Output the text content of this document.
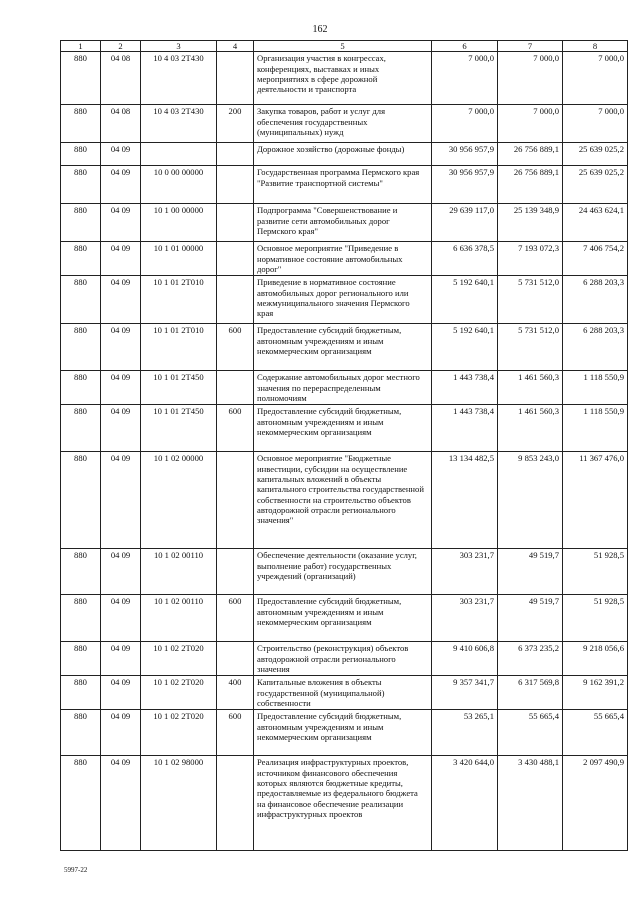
162
1	2	3	4	5	6	7	8
880	04 08	10 4 03 2Т430		Организация участия в конгрессах, конференциях, выставках и иных мероприятиях в сфере дорожной деятельности и транспорта	7 000,0	7 000,0	7 000,0
880	04 08	10 4 03 2Т430	200	Закупка товаров, работ и услуг для обеспечения государственных (муниципальных) нужд	7 000,0	7 000,0	7 000,0
880	04 09			Дорожное хозяйство (дорожные фонды)	30 956 957,9	26 756 889,1	25 639 025,2
880	04 09	10 0 00 00000		Государственная программа Пермского края "Развитие транспортной системы"	30 956 957,9	26 756 889,1	25 639 025,2
880	04 09	10 1 00 00000		Подпрограмма "Совершенствование и развитие сети автомобильных дорог Пермского края"	29 639 117,0	25 139 348,9	24 463 624,1
880	04 09	10 1 01 00000		Основное мероприятие "Приведение в нормативное состояние автомобильных дорог"	6 636 378,5	7 193 072,3	7 406 754,2
880	04 09	10 1 01 2Т010		Приведение в нормативное состояние автомобильных дорог регионального или межмуниципального значения Пермского края	5 192 640,1	5 731 512,0	6 288 203,3
880	04 09	10 1 01 2Т010	600	Предоставление субсидий бюджетным, автономным учреждениям и иным некоммерческим организациям	5 192 640,1	5 731 512,0	6 288 203,3
880	04 09	10 1 01 2Т450		Содержание автомобильных дорог местного значения по перераспределенным полномочиям	1 443 738,4	1 461 560,3	1 118 550,9
880	04 09	10 1 01 2Т450	600	Предоставление субсидий бюджетным, автономным учреждениям и иным некоммерческим организациям	1 443 738,4	1 461 560,3	1 118 550,9
880	04 09	10 1 02 00000		Основное мероприятие "Бюджетные инвестиции, субсидии на осуществление капитальных вложений в объекты капитального строительства государственной собственности на строительство объектов автодорожной отрасли регионального значения"	13 134 482,5	9 853 243,0	11 367 476,0
880	04 09	10 1 02 00110		Обеспечение деятельности (оказание услуг, выполнение работ) государственных учреждений (организаций)	303 231,7	49 519,7	51 928,5
880	04 09	10 1 02 00110	600	Предоставление субсидий бюджетным, автономным учреждениям и иным некоммерческим организациям	303 231,7	49 519,7	51 928,5
880	04 09	10 1 02 2Т020		Строительство (реконструкция) объектов автодорожной отрасли регионального значения	9 410 606,8	6 373 235,2	9 218 056,6
880	04 09	10 1 02 2Т020	400	Капитальные вложения в объекты государственной (муниципальной) собственности	9 357 341,7	6 317 569,8	9 162 391,2
880	04 09	10 1 02 2Т020	600	Предоставление субсидий бюджетным, автономным учреждениям и иным некоммерческим организациям	53 265,1	55 665,4	55 665,4
880	04 09	10 1 02 98000		Реализация инфраструктурных проектов, источником финансового обеспечения которых являются бюджетные кредиты, предоставляемые из федерального бюджета на финансовое обеспечение реализации инфраструктурных проектов	3 420 644,0	3 430 488,1	2 097 490,9
5997-22
